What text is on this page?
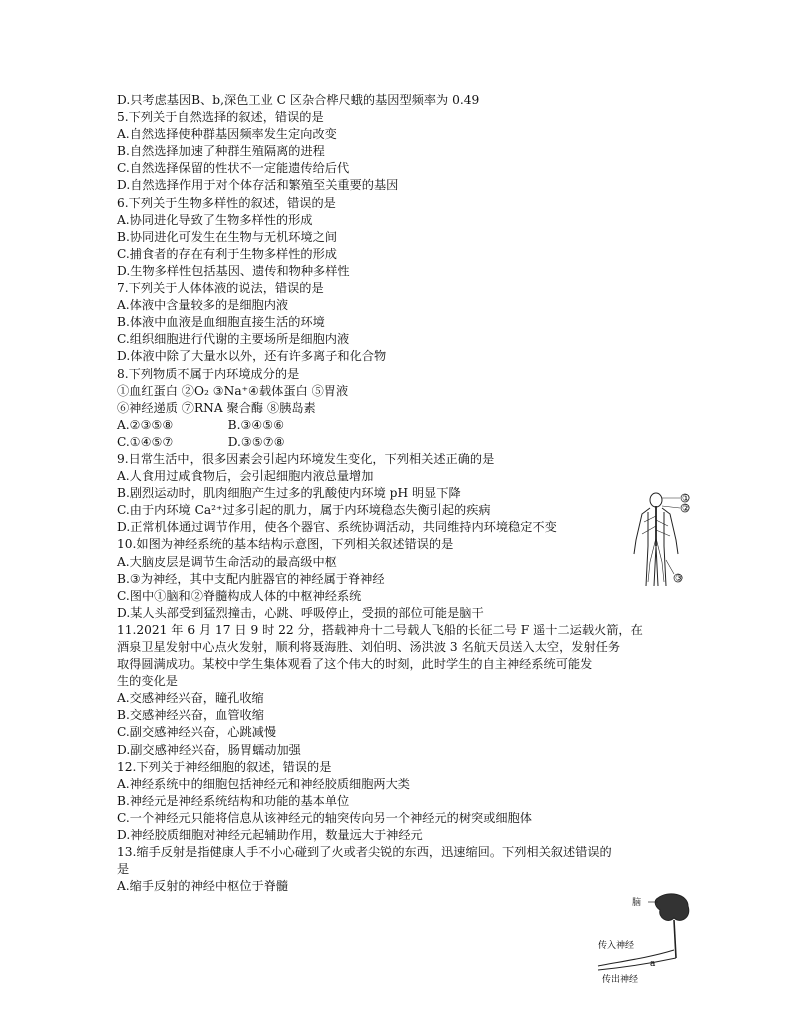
D.只考虑基因B、b,深色工业 C 区杂合桦尺蛾的基因型频率为 0.49
5.下列关于自然选择的叙述，错误的是
A.自然选择使种群基因频率发生定向改变
B.自然选择加速了种群生殖隔离的进程
C.自然选择保留的性状不一定能遗传给后代
D.自然选择作用于对个体存活和繁殖至关重要的基因
6.下列关于生物多样性的叙述，错误的是
A.协同进化导致了生物多样性的形成
B.协同进化可发生在生物与无机环境之间
C.捕食者的存在有利于生物多样性的形成
D.生物多样性包括基因、遗传和物种多样性
7.下列关于人体体液的说法，错误的是
A.体液中含量较多的是细胞内液
B.体液中血液是血细胞直接生活的环境
C.组织细胞进行代谢的主要场所是细胞内液
D.体液中除了大量水以外，还有许多离子和化合物
8.下列物质不属于内环境成分的是
①血红蛋白 ②O₂ ③Na⁺④载体蛋白 ⑤胃液
⑥神经递质 ⑦RNA 聚合酶 ⑧胰岛素
A.②③⑤⑧              B.③④⑤⑥
C.①④⑤⑦              D.③⑤⑦⑧
9.日常生活中，很多因素会引起内环境发生变化，下列相关述正确的是
A.人食用过咸食物后，会引起细胞内液总量增加
B.剧烈运动时，肌肉细胞产生过多的乳酸使内环境 pH 明显下降
C.由于内环境 Ca²⁺过多引起的肌力，属于内环境稳态失衡引起的疾病
D.正常机体通过调节作用，使各个器官、系统协调活动，共同维持内环境稳定不变
10.如图为神经系统的基本结构示意图，下列相关叙述错误的是
A.大脑皮层是调节生命活动的最高级中枢
B.③为神经，其中支配内脏器官的神经属于脊神经
C.图中①脑和②脊髓构成人体的中枢神经系统
D.某人头部受到猛烈撞击，心跳、呼吸停止，受损的部位可能是脑干
11.2021 年 6 月 17 日 9 时 22 分，搭载神舟十二号载人飞船的长征二号 F 遥十二运载火箭，在
酒泉卫星发射中心点火发射，顺利将聂海胜、刘伯明、汤洪波 3 名航天员送入太空，发射任务
取得圆满成功。某校中学生集体观看了这个伟大的时刻，此时学生的自主神经系统可能发
生的变化是
A.交感神经兴奋，瞳孔收缩
B.交感神经兴奋，血管收缩
C.副交感神经兴奋，心跳减慢
D.副交感神经兴奋，肠胃蠕动加强
12.下列关于神经细胞的叙述，错误的是
A.神经系统中的细胞包括神经元和神经胶质细胞两大类
B.神经元是神经系统结构和功能的基本单位
C.一个神经元只能将信息从该神经元的轴突传向另一个神经元的树突或细胞体
D.神经胶质细胞对神经元起辅助作用，数量远大于神经元
13.缩手反射是指健康人手不小心碰到了火或者尖锐的东西，迅速缩回。下列相关叙述错误的
是
A.缩手反射的神经中枢位于脊髓
①
②
③
脑
传入神经
a
传出神经
